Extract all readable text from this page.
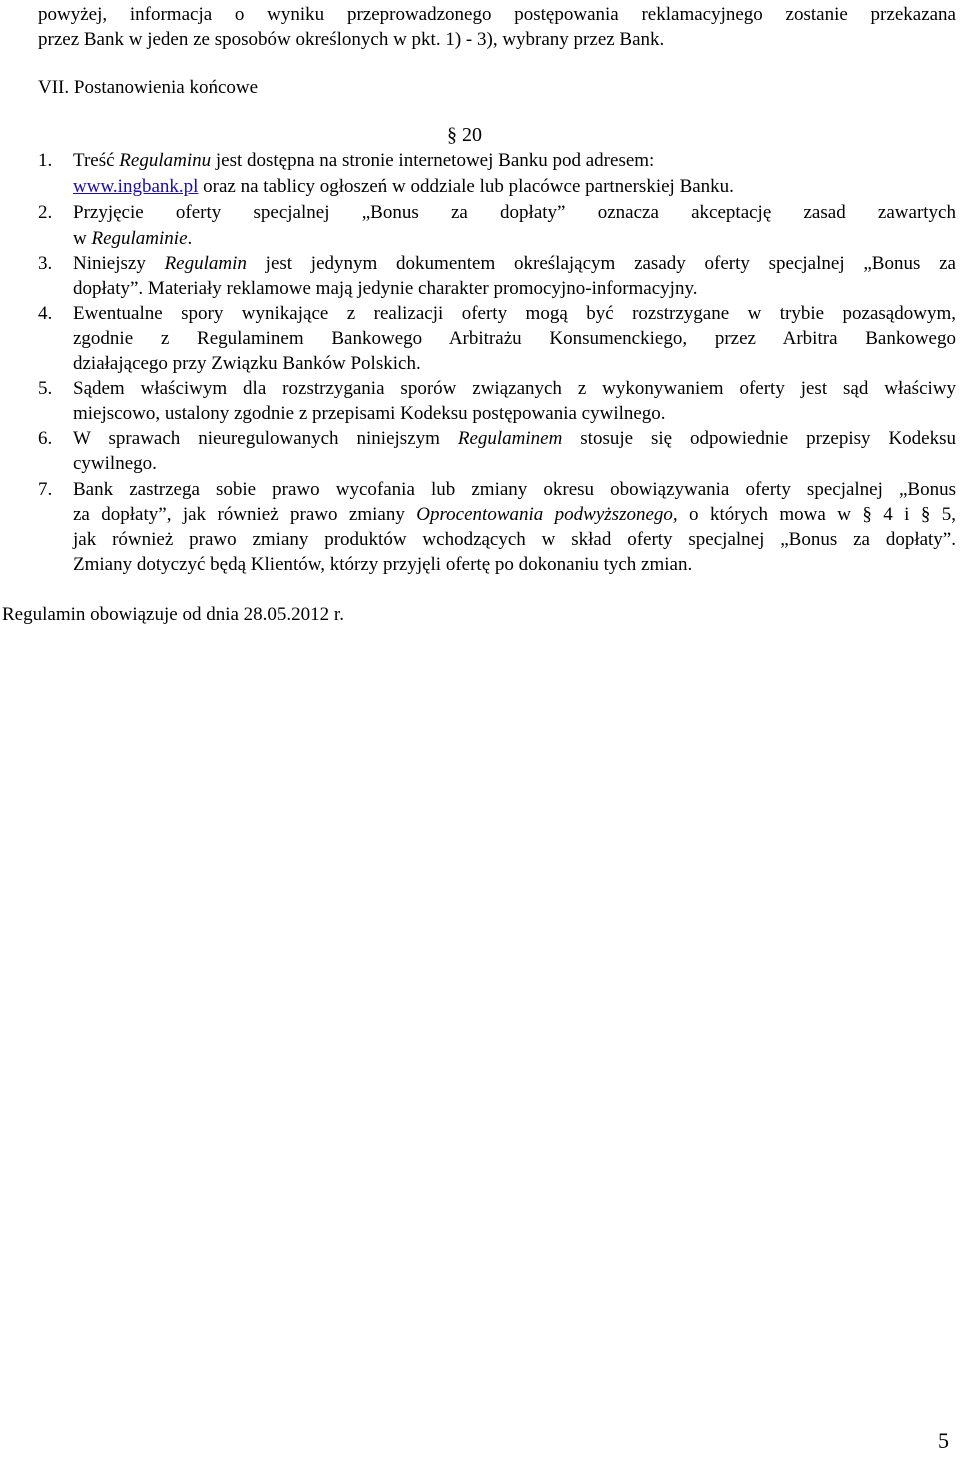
powyżej, informacja o wyniku przeprowadzonego postępowania reklamacyjnego zostanie przekazana
przez Bank w jeden ze sposobów określonych w pkt. 1) - 3), wybrany przez Bank.
VII. Postanowienia końcowe
§ 20
1. Treść Regulaminu jest dostępna na stronie internetowej Banku pod adresem:
www.ingbank.pl oraz na tablicy ogłoszeń w oddziale lub placówce partnerskiej Banku.
2. Przyjęcie oferty specjalnej „Bonus za dopłaty” oznacza akceptację zasad zawartych
w Regulaminie.
3. Niniejszy Regulamin jest jedynym dokumentem określającym zasady oferty specjalnej „Bonus za
dopłaty”. Materiały reklamowe mają jedynie charakter promocyjno-informacyjny.
4. Ewentualne spory wynikające z realizacji oferty mogą być rozstrzygane w trybie pozasądowym,
zgodnie z Regulaminem Bankowego Arbitrażu Konsumenckiego, przez Arbitra Bankowego
działającego przy Związku Banków Polskich.
5. Sądem właściwym dla rozstrzygania sporów związanych z wykonywaniem oferty jest sąd właściwy
miejscowo, ustalony zgodnie z przepisami Kodeksu postępowania cywilnego.
6. W sprawach nieuregulowanych niniejszym Regulaminem stosuje się odpowiednie przepisy Kodeksu
cywilnego.
7. Bank zastrzega sobie prawo wycofania lub zmiany okresu obowiązywania oferty specjalnej „Bonus
za dopłaty”, jak również prawo zmiany Oprocentowania podwyższonego, o których mowa w § 4 i § 5,
jak również prawo zmiany produktów wchodzących w skład oferty specjalnej „Bonus za dopłaty”.
Zmiany dotyczyć będą Klientów, którzy przyjęli ofertę po dokonaniu tych zmian.
Regulamin obowiązuje od dnia 28.05.2012 r.
5
